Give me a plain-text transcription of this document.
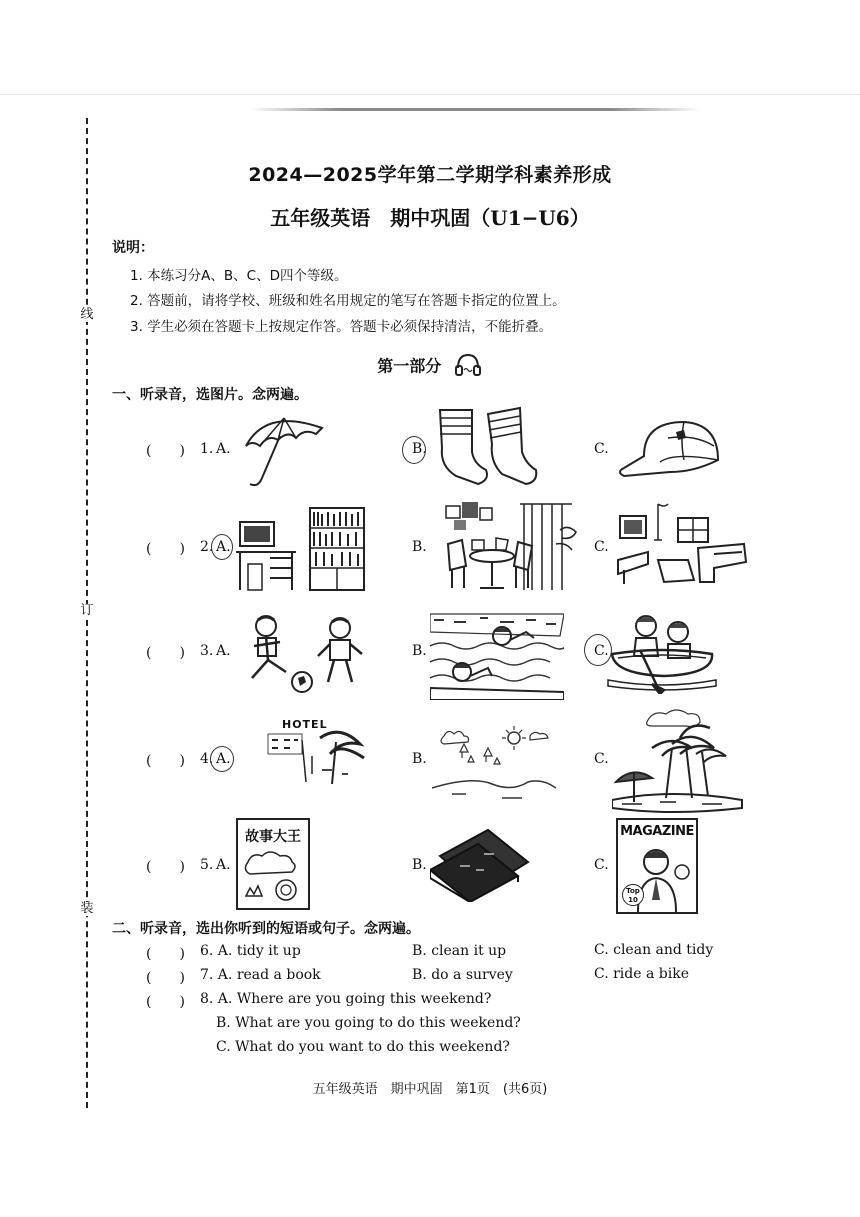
线
订
装
2024—2025学年第二学期学科素养形成
五年级英语　期中巩固（U1−U6）
说明：
1. 本练习分A、B、C、D四个等级。
2. 答题前，请将学校、班级和姓名用规定的笔写在答题卡指定的位置上。
3. 学生必须在答题卡上按规定作答。答题卡必须保持清洁，不能折叠。
第一部分
一、听录音，选图片。念两遍。
(　　) 1. A.	B.	C.
(　　) 2. A.	B.	C.
(　　) 3. A.	B.	C.
(　　) 4. A.
HOTEL
B.	C.
(　　) 5. A.
故事大王
B.	C.
MAGAZINE
Top 10
二、听录音，选出你听到的短语或句子。念两遍。
(　　) 6. A. tidy it up	B. clean it up	C. clean and tidy
(　　) 7. A. read a book	B. do a survey	C. ride a bike
(　　) 8. A. Where are you going this weekend?
B. What are you going to do this weekend?
C. What do you want to do this weekend?
五年级英语　期中巩固　第1页　(共6页)
